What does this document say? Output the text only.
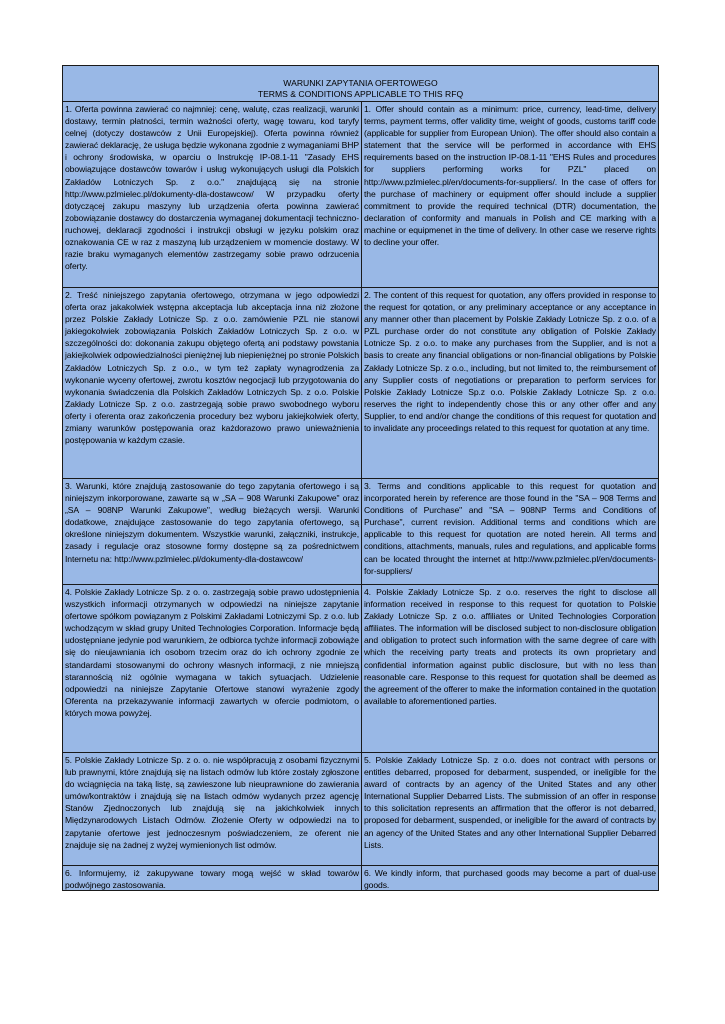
WARUNKI ZAPYTANIA OFERTOWEGO
TERMS & CONDITIONS APPLICABLE TO THIS RFQ
1. Oferta powinna zawierać co najmniej: cenę, walutę, czas realizacji, warunki dostawy, termin płatności, termin ważności oferty, wagę towaru, kod taryfy celnej (dotyczy dostawców z Unii Europejskiej). Oferta powinna również zawierać deklarację, że usługa będzie wykonana zgodnie z wymaganiami BHP i ochrony środowiska, w oparciu o Instrukcję IP-08.1-11 "Zasady EHS obowiązujące dostawców towarów i usług wykonujących usługi dla Polskich Zakładów Lotniczych Sp. z o.o." znajdującą się na stronie http://www.pzlmielec.pl/dokumenty-dla-dostawcow/ W przypadku oferty dotyczącej zakupu maszyny lub urządzenia oferta powinna zawierać zobowiązanie dostawcy do dostarczenia wymaganej dokumentacji techniczno- ruchowej, deklaracji zgodności i instrukcji obsługi w języku polskim oraz oznakowania CE w raz z maszyną lub urządzeniem w momencie dostawy. W razie braku wymaganych elementów zastrzegamy sobie prawo odrzucenia oferty.
1. Offer should contain as a minimum: price, currency, lead-time, delivery terms, payment terms, offer validity time, weight of goods, customs tariff code (applicable for supplier from European Union). The offer should also contain a statement that the service will be performed in accordance with EHS requirements based on the instruction IP-08.1-11 "EHS Rules and procedures for suppliers performing works for PZL" placed on http://www.pzlmielec.pl/en/documents-for-suppliers/. In the case of offers for the purchase of machinery or equipment offer should include a supplier commitment to provide the required technical (DTR) documentation, the declaration of conformity and manuals in Polish and CE marking with a machine or equipmenet in the time of delivery. In other case we reserve rights to decline your offer.
2. Treść niniejszego zapytania ofertowego, otrzymana w jego odpowiedzi oferta oraz jakakolwiek wstępna akceptacja lub akceptacja inna niż złożone przez Polskie Zakłady Lotnicze Sp. z o.o. zamówienie PZL nie stanowi jakiegokolwiek zobowiązania Polskich Zakładów Lotniczych Sp. z o.o. w szczególności do: dokonania zakupu objętego ofertą ani podstawy powstania jakiejkolwiek odpowiedzialności pieniężnej lub niepieniężnej po stronie Polskich Zakładów Lotniczych Sp. z o.o., w tym też zapłaty wynagrodzenia za wykonanie wyceny ofertowej, zwrotu kosztów negocjacji lub przygotowania do wykonania świadczenia dla Polskich Zakładów Lotniczych Sp. z o.o. Polskie Zakłady Lotnicze Sp. z o.o. zastrzegają sobie prawo swobodnego wyboru oferty i oferenta oraz zakończenia procedury bez wyboru jakiejkolwiek oferty, zmiany warunków postępowania oraz każdorazowo prawo unieważnienia postępowania w każdym czasie.
2. The content of this request for quotation, any offers provided in response to the request for qotation, or any preliminary acceptance or any acceptance in any manner other than placement by Polskie Zakłady Lotnicze Sp. z o.o. of a PZL purchase order do not constitute any obligation of Polskie Zakłady Lotnicze Sp. z o.o. to make any purchases from the Supplier, and is not a basis to create any financial obligations or non-financial obligations by Polskie Zakłady Lotnicze Sp. z o.o., including, but not limited to, the reimbursement of any Supplier costs of negotiations or preparation to perform services for Polskie Zakłady Lotnicze Sp.z o.o. Polskie Zakłady Lotnicze Sp. z o.o. reserves the right to independently chose this or any other offer and any Supplier, to end and/or change the conditions of this request for quotation and to invalidate any proceedings related to this request for quotation at any time.
3. Warunki, które znajdują zastosowanie do tego zapytania ofertowego i są niniejszym inkorporowane, zawarte są w „SA – 908 Warunki Zakupowe" oraz „SA – 908NP Warunki Zakupowe", według bieżących wersji. Warunki dodatkowe, znajdujące zastosowanie do tego zapytania ofertowego, są określone niniejszym dokumentem. Wszystkie warunki, załączniki, instrukcje, zasady i regulacje oraz stosowne formy dostępne są za pośrednictwem Internetu na: http://www.pzlmielec.pl/dokumenty-dla-dostawcow/
3. Terms and conditions applicable to this request for quotation and incorporated herein by reference are those found in the "SA – 908 Terms and Conditions of Purchase" and "SA – 908NP Terms and Conditions of Purchase", current revision. Additional terms and conditions which are applicable to this request for quotation are noted herein. All terms and conditions, attachments, manuals, rules and regulations, and applicable forms can be located throught the internet at http://www.pzlmielec.pl/en/documents-for-suppliers/
4. Polskie Zakłady Lotnicze Sp. z o. o. zastrzegają sobie prawo udostępnienia wszystkich informacji otrzymanych w odpowiedzi na niniejsze zapytanie ofertowe spółkom powiązanym z Polskimi Zakładami Lotniczymi Sp. z o.o. lub wchodzącym w skład grupy United Technologies Corporation. Informacje będą udostępniane jedynie pod warunkiem, że odbiorca tychże informacji zobowiąże się do nieujawniania ich osobom trzecim oraz do ich ochrony zgodnie ze standardami stosowanymi do ochrony własnych informacji, z nie mniejszą starannością niż ogólnie wymagana w takich sytuacjach. Udzielenie odpowiedzi na niniejsze Zapytanie Ofertowe stanowi wyrażenie zgody Oferenta na przekazywanie informacji zawartych w ofercie podmiotom, o których mowa powyżej.
4. Polskie Zakłady Lotnicze Sp. z o.o. reserves the right to disclose all information received in response to this request for quotation to Polskie Zakłady Lotnicze Sp. z o.o. affiliates or United Technologies Corporation affiliates. The information will be disclosed subject to non-disclosure obligation and obligation to protect such information with the same degree of care with which the receiving party treats and protects its own proprietary and confidential information against public disclosure, but with no less than reasonable care. Response to this request for quotation shall be deemed as the agreement of the offerer to make the information contained in the quotation available to aforementioned parties.
5. Polskie Zakłady Lotnicze Sp. z o. o. nie współpracują z osobami fizycznymi lub prawnymi, które znajdują się na listach odmów lub które zostały zgłoszone do wciągnięcia na taką listę, są zawieszone lub nieuprawnione do zawierania umów/kontraktów i znajdują się na listach odmów wydanych przez agencję Stanów Zjednoczonych lub znajdują się na jakichkolwiek innych Międzynarodowych Listach Odmów. Złożenie Oferty w odpowiedzi na to zapytanie ofertowe jest jednoczesnym poświadczeniem, ze oferent nie znajduje się na żadnej z wyżej wymienionych list odmów.
5. Polskie Zakłady Lotnicze Sp. z o.o. does not contract with persons or entitles debarred, proposed for debarment, suspended, or ineligible for the award of contracts by an agency of the United States and any other International Supplier Debarred Lists. The submission of an offer in response to this solicitation represents an affirmation that the offeror is not debarred, proposed for debarment, suspended, or ineligible for the award of contracts by an agency of the United States and any other International Supplier Debarred Lists.
6. Informujemy, iż zakupywane towary mogą wejść w skład towarów podwójnego zastosowania.
6. We kindly inform, that purchased goods may become a part of dual-use goods.
